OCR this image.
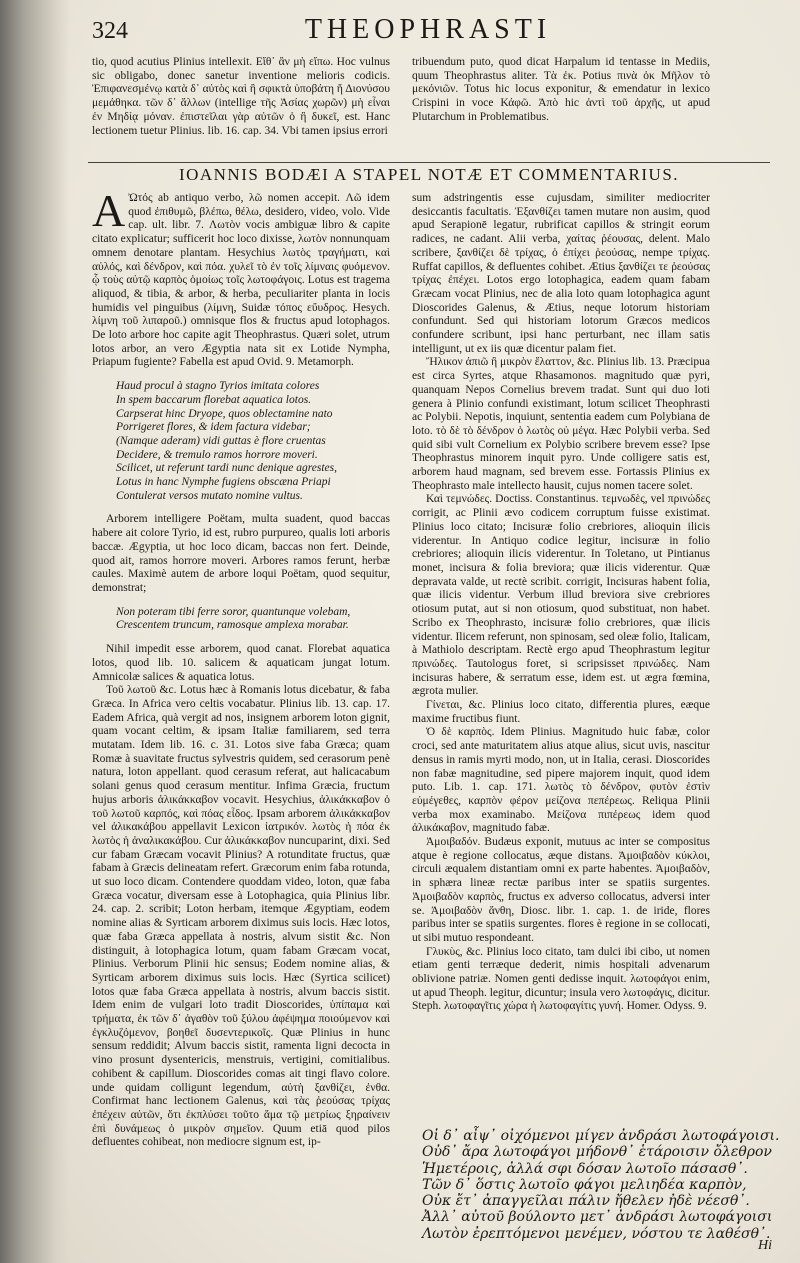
324	THEOPHRASTI

tio, quod acutius Plinius intellexit. Εἴθ᾽ ἂν μὴ εἴπω. Hoc vulnus sic obligabo, donec sanetur inventione melioris codicis. Ἐπιφανεσμένῳ κατὰ δ᾽ αὐτὸς καὶ ἢ σφικτὰ ὑποβάτη ἤ Διονύσου μεμάθηκα. τῶν δ᾽ ἄλλων (intellige τῆς Ἀσίας χωρῶν) μὴ εἶναι ἐν Μηδίᾳ μόναν. ἐπιστεῖλαι γὰρ αὐτῶν ὁ ἢ δυκεῖ, est. Hanc lectionem tuetur Plinius. lib. 16. cap. 34. Vbi tamen ipsius errori

tribuendum puto, quod dicat Harpalum id tentasse in Mediis, quum Theophrastus aliter. Τὰ ἐκ. Potius πινὰ ὀκ Μῆλον τὸ μεκόνιῶν. Totus hic locus exponitur, & emendatur in lexico Crispini in voce Κάφῶ. Ἀπὸ hic ἀντὶ τοῦ ἀρχῆς, ut apud Plutarchum in Problematibus.

IOANNIS BODÆI A STAPEL NOTÆ ET COMMENTARIUS.

A Ὠτός ab antiquo verbo, λῶ nomen accepit. Λῶ idem quod ἐπιθυμῶ, βλέπω, θέλω, desidero, video, volo. Vide cap. ult. libr. 7. Λωτὸν vocis ambiguæ libro & capite citato explicatur; sufficerit hoc loco dixisse, λωτὸν nonnunquam omnem denotare plantam. Hesychius λωτὸς τραγήματι, καὶ αὐλός, καὶ δένδρον, καὶ πόα. χυλεῖ τὸ ἐν τοῖς λίμναις φυόμενον. ᾧ τοὺς αὐτῷ καρπὸς ὁμοίως τοῖς λωτοφάγοις. Lotus est tragema aliquod, & tibia, & arbor, & herba, peculiariter planta in locis humidis vel pinguibus (λίμνη, Suidæ τόπος εὔυδρος. Hesych. λίμνη τοῦ λιπαροῦ.) omnisque flos & fructus apud lotophagos. De loto arbore hoc capite agit Theophrastus. Quæri solet, utrum lotos arbor, an vero Ægyptia nata sit ex Lotide Nympha, Priapum fugiente? Fabella est apud Ovid. 9. Metamorph.

Haud procul à stagno Tyrios imitata colores
In spem baccarum florebat aquatica lotos.
Carpserat hinc Dryope, quos oblectamine nato
Porrigeret flores, & idem factura videbar;
(Namque aderam) vidi guttas è flore cruentas
Decidere, & tremulo ramos horrore moveri.
Scilicet, ut referunt tardi nunc denique agrestes,
Lotus in hanc Nymphe fugiens obscæna Priapi
Contulerat versos mutato nomine vultus.

Arborem intelligere Poëtam, multa suadent, quod baccas habere ait colore Tyrio, id est, rubro purpureo, qualis loti arboris baccæ. Ægyptia, ut hoc loco dicam, baccas non fert. Deinde, quod ait, ramos horrore moveri. Arbores ramos ferunt, herbæ caules. Maximè autem de arbore loqui Poëtam, quod sequitur, demonstrat;

Non poteram tibi ferre soror, quantunque volebam,
Crescentem truncum, ramosque amplexa morabar.

Nihil impedit esse arborem, quod canat. Florebat aquatica lotos, quod lib. 10. salicem & aquaticam jungat lotum. Amnicolæ salices & aquatica lotus.

Τοῦ λωτοῦ &c. Lotus hæc à Romanis lotus dicebatur, & faba Græca. In Africa vero celtis vocabatur. Plinius lib. 13. cap. 17. Eadem Africa, quà vergit ad nos, insignem arborem loton gignit, quam vocant celtim, & ipsam Italiæ familiarem, sed terra mutatam. Idem lib. 16. c. 31. Lotos sive faba Græca; quam Romæ à suavitate fructus sylvestris quidem, sed cerasorum penè natura, loton appellant. quod cerasum referat, aut halicacabum solani genus quod cerasum mentitur. Infima Græcia, fructum hujus arboris ἀλικάκκαβον vocavit. Hesychius, ἀλικάκκαβον ὁ τοῦ λωτοῦ καρπός, καὶ πόας εἶδος. Ipsam arborem ἀλικάκκαβον vel ἀλικακάβου appellavit Lexicon ἰατρικόν. λωτὸς ἡ πόα ἐκ λωτὸς ἡ ἀναλικακάβου. Cur ἀλικάκκαβον nuncuparint, dixi. Sed cur fabam Græcam vocavit Plinius? A rotunditate fructus, quæ fabam à Græcis delineatam refert. Græcorum enim faba rotunda, ut suo loco dicam. Contendere quoddam video, loton, quæ faba Græca vocatur, diversam esse à Lotophagica, quia Plinius libr. 24. cap. 2. scribit; Loton herbam, itemque Ægyptiam, eodem nomine alias & Syrticam arborem diximus suis locis. Hæc lotos, quæ faba Græca appellata à nostris, alvum sistit &c. Non distinguit, à lotophagica lotum, quam fabam Græcam vocat, Plinius. Verborum Plinii hic sensus; Eodem nomine alias, & Syrticam arborem diximus suis locis. Hæc (Syrtica scilicet) lotos quæ faba Græca appellata à nostris, alvum baccis sistit. Idem enim de vulgari loto tradit Dioscorides, ὑπίπαμα καὶ τρήματα, ἐκ τῶν δ᾽ ἀγαθὸν τοῦ ξύλου ἀφέψημα ποιούμενον καὶ ἐγκλυζόμενον, βοηθεῖ δυσεντερικοῖς. Quæ Plinius in hunc sensum reddidit; Alvum baccis sistit, ramenta ligni decocta in vino prosunt dysentericis, menstruis, vertigini, comitialibus. cohibent & capillum. Dioscorides comas ait tingi flavo colore. unde quidam colligunt legendum, αὐτὴ ξανθίζει, ἐνθα. Confirmat hanc lectionem Galenus, καὶ τὰς ῥεούσας τρίχας ἐπέχειν αὐτῶν, ὅτι ἐκπλύσει τοῦτο ἅμα τῷ μετρίως ξηραίνειν ἐπὶ δυνάμεως ὁ μικρὸν σημεῖον. Quum etiā quod pilos defluentes cohibeat, non mediocre signum est, ip-

sum adstringentis esse cujusdam, similiter mediocriter desiccantis facultatis. Ἐξανθίζει tamen mutare non ausim, quod apud Serapionē legatur, rubrificat capillos & stringit eorum radices, ne cadant. Alii verba, χαίτας ῥέουσας, delent. Malo scribere, ξανθίζει δὲ τρίχας, ὁ ἐπίχει ῥεούσας, nempe τρίχας. Ruffat capillos, & defluentes cohibet. Ætius ξανθίζει τε ῥεούσας τρίχας ἐπέχει. Lotos ergo lotophagica, eadem quam fabam Græcam vocat Plinius, nec de alia loto quam lotophagica agunt Dioscorides Galenus, & Ætius, neque lotorum historiam confundunt. Sed qui historiam lotorum Græcos medicos confundere scribunt, ipsi hanc perturbant, nec illam satis intelligunt, ut ex iis quæ dicentur palam fiet.

Ἤλικον ἀπιῶ ἢ μικρὸν ἔλαττον, &c. Plinius lib. 13. Præcipua est circa Syrtes, atque Rhasamonos. magnitudo quæ pyri, quanquam Nepos Cornelius brevem tradat. Sunt qui duo loti genera à Plinio confundi existimant, lotum scilicet Theophrasti ac Polybii. Nepotis, inquiunt, sententia eadem cum Polybiana de loto. τὸ δὲ τὸ δένδρον ὁ λωτὸς οὐ μέγα. Hæc Polybii verba. Sed quid sibi vult Cornelium ex Polybio scribere brevem esse? Ipse Theophrastus minorem inquit pyro. Unde colligere satis est, arborem haud magnam, sed brevem esse. Fortassis Plinius ex Theophrasto male intellecto hausit, cujus nomen tacere solet.

Καὶ τεμνώδες. Doctiss. Constantinus. τεμνωδὲς, vel πρινώδες corrigit, ac Plinii ævo codicem corruptum fuisse existimat. Plinius loco citato; Incisuræ folio crebriores, alioquin ilicis viderentur. In Antiquo codice legitur, incisuræ in folio crebriores; alioquin ilicis viderentur. In Toletano, ut Pintianus monet, incisura & folia breviora; quæ ilicis viderentur. Quæ depravata valde, ut rectè scribit. corrigit, Incisuras habent folia, quæ ilicis videntur. Verbum illud breviora sive crebriores otiosum putat, aut si non otiosum, quod substituat, non habet. Scribo ex Theophrasto, incisuræ folio crebriores, quæ ilicis videntur. Ilicem referunt, non spinosam, sed oleæ folio, Italicam, à Mathiolo descriptam. Rectè ergo apud Theophrastum legitur πρινώδες. Tautologus foret, si scripsisset πρινώδες. Nam incisuras habere, & serratum esse, idem est. ut ægra fœmina, ægrota mulier.

Γίνεται, &c. Plinius loco citato, differentia plures, eæque maxime fructibus fiunt.

Ὁ δὲ καρπὸς. Idem Plinius. Magnitudo huic fabæ, color croci, sed ante maturitatem alius atque alius, sicut uvis, nascitur densus in ramis myrti modo, non, ut in Italia, cerasi. Dioscorides non fabæ magnitudine, sed pipere majorem inquit, quod idem puto. Lib. 1. cap. 171. λωτὸς τὸ δένδρον, φυτὸν ἐστὶν εὐμέγεθες, καρπὸν φέρον μείζονα πεπέρεως. Reliqua Plinii verba mox examinabo. Μείζονα πιπέρεως idem quod ἀλικάκαβον, magnitudo fabæ.

Ἀμοιβαδόν. Budæus exponit, mutuus ac inter se compositus atque è regione collocatus, æque distans. Ἀμοιβαδὸν κύκλοι, circuli æqualem distantiam omni ex parte habentes. Ἀμοιβαδὸν, in sphæra lineæ rectæ paribus inter se spatiis surgentes. Ἀμοιβαδὸν καρπὸς, fructus ex adverso collocatus, adversi inter se. Ἀμοιβαδὸν ἄνθη, Diosc. libr. 1. cap. 1. de iride, flores paribus inter se spatiis surgentes. flores è regione in se collocati, ut sibi mutuo respondeant.

Γλυκὺς, &c. Plinius loco citato, tam dulci ibi cibo, ut nomen etiam genti terræque dederit, nimis hospitali advenarum oblivione patriæ. Nomen genti dedisse inquit. λωτοφάγοι enim, ut apud Theoph. legitur, dicuntur; insula vero λωτοφάγις, dicitur. Steph. λωτοφαγῖτις χώρα ἡ λωτοφαγίτις γυνή. Homer. Odyss. 9.

Οἱ δ᾽ αἶψ᾽ οἰχόμενοι μίγεν ἀνδράσι λωτοφάγοισι.
Οὐδ᾽ ἄρα λωτοφάγοι μήδονθ᾽ ἑτάροισιν ὄλεθρον
Ἡμετέροις, ἀλλά σφι δόσαν λωτοῖο πάσασθ᾽.
Τῶν δ᾽ ὅστις λωτοῖο φάγοι μελιηδέα καρπὸν,
Οὐκ ἔτ᾽ ἀπαγγεῖλαι πάλιν ἤθελεν ἠδὲ νέεσθ᾽.
Ἀλλ᾽ αὐτοῦ βούλοντο μετ᾽ ἀνδράσι λωτοφάγοισι
Λωτὸν ἐρεπτόμενοι μενέμεν, νόστου τε λαθέσθ᾽.
Hi
